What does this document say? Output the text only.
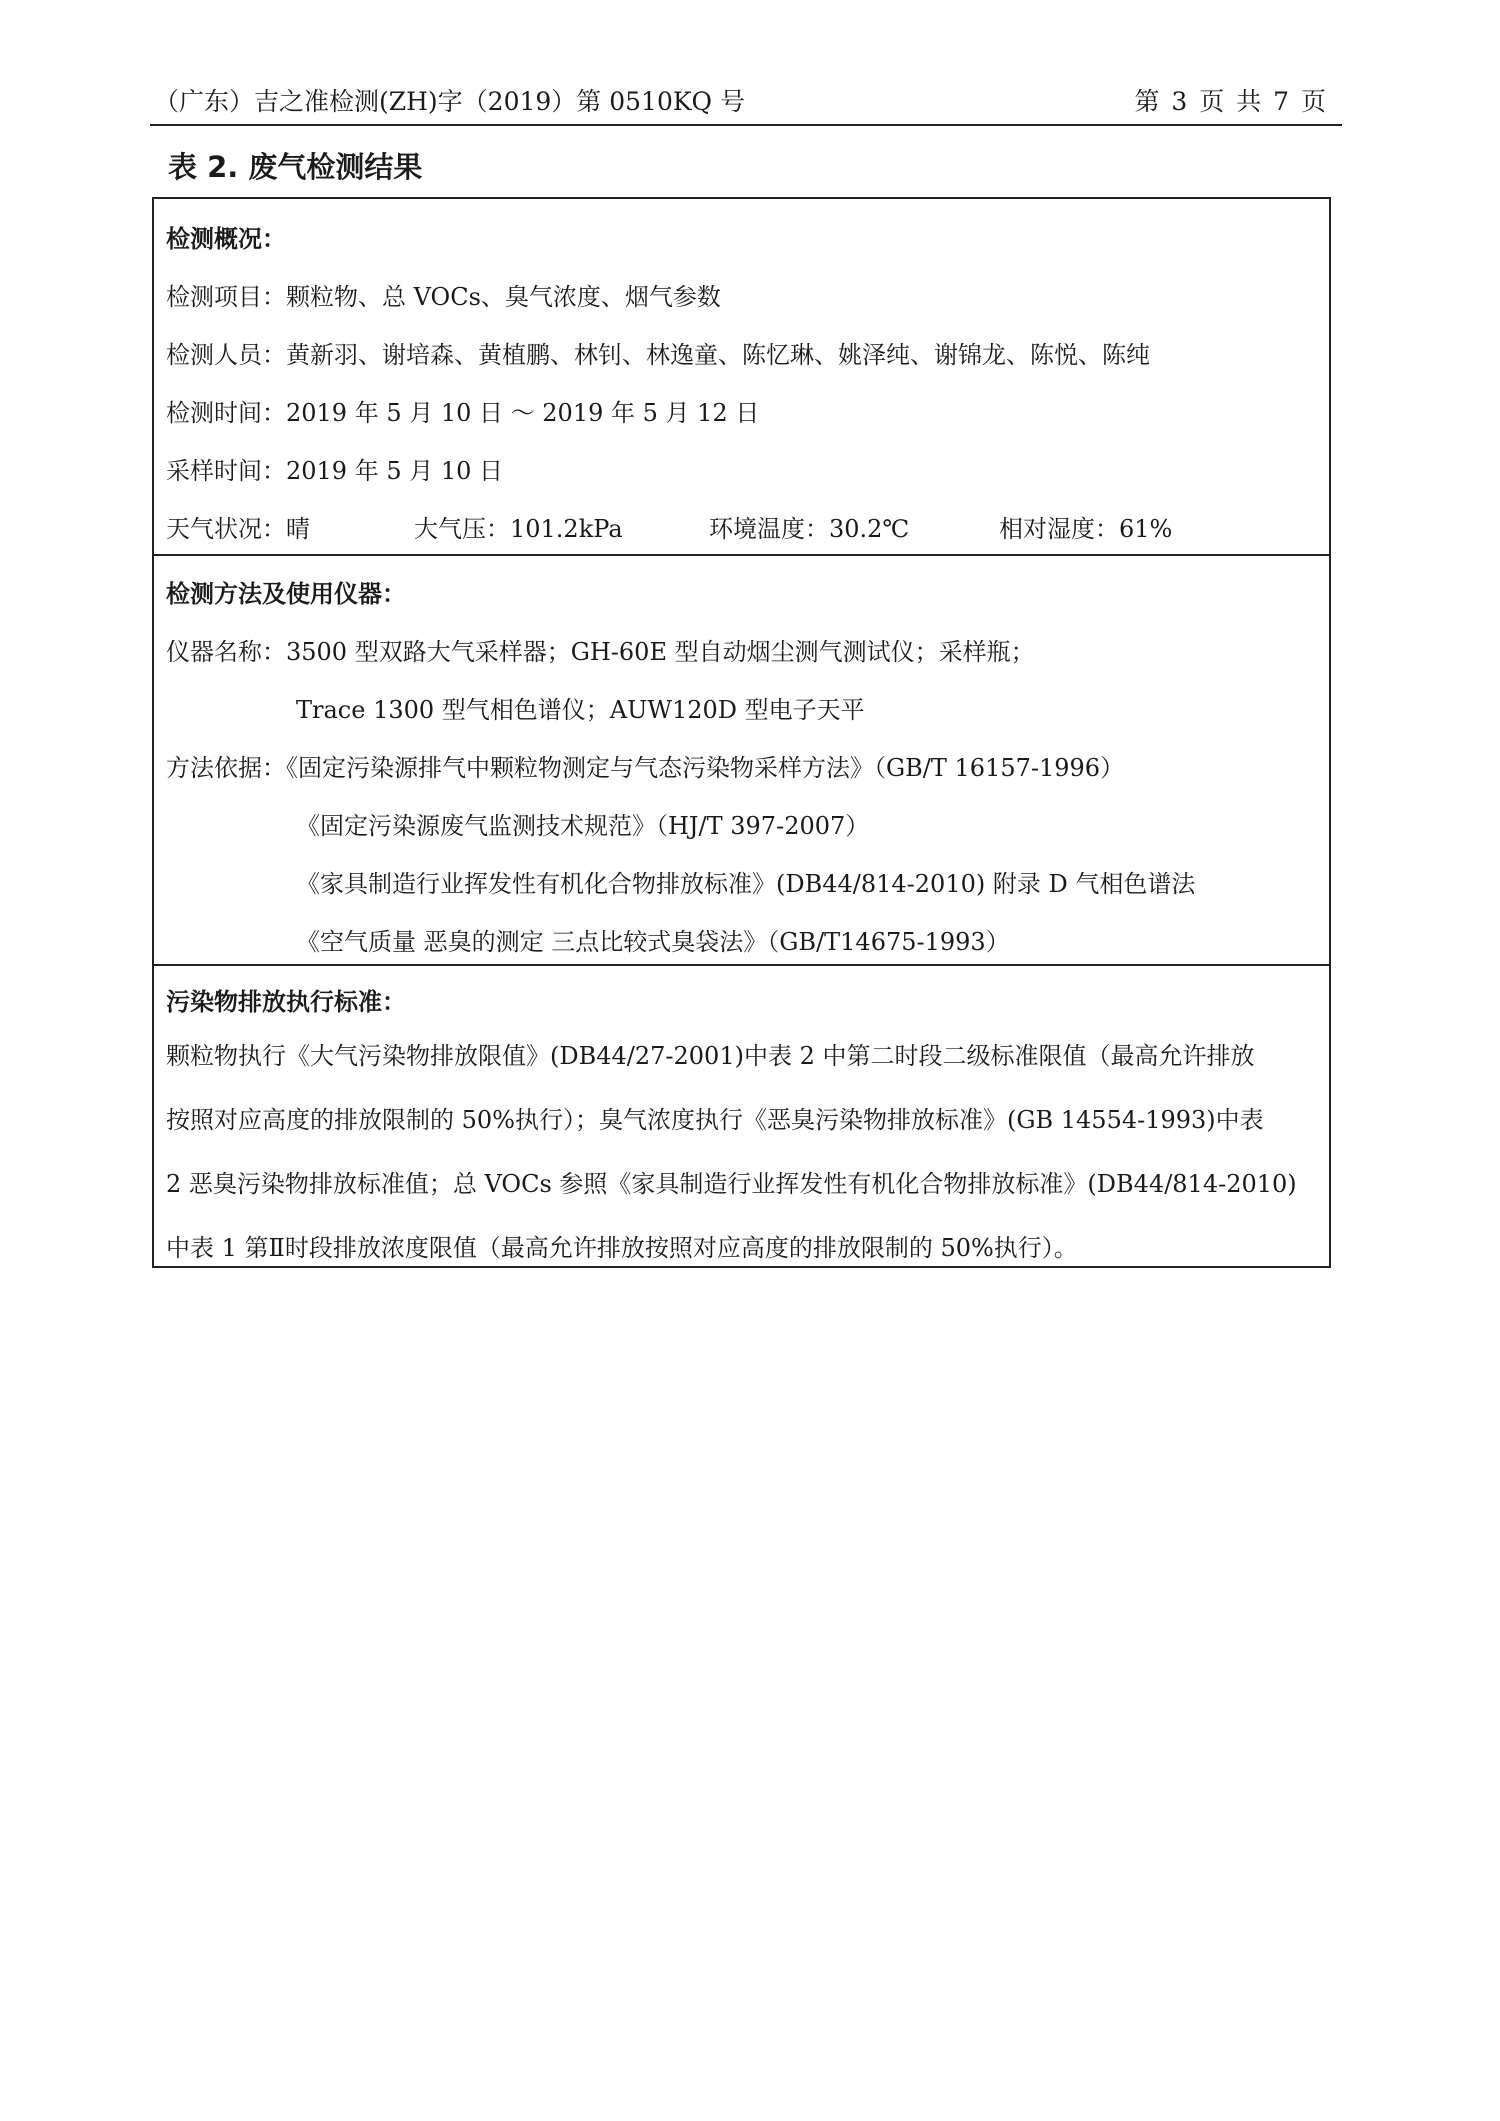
（广东）吉之准检测(ZH)字（2019）第 0510KQ 号	第 3 页 共 7 页
表 2. 废气检测结果
检测概况：
检测项目：颗粒物、总 VOCs、臭气浓度、烟气参数
检测人员：黄新羽、谢培森、黄植鹏、林钊、林逸童、陈忆琳、姚泽纯、谢锦龙、陈悦、陈纯
检测时间：2019 年 5 月 10 日 ～ 2019 年 5 月 12 日
采样时间：2019 年 5 月 10 日
天气状况：晴	大气压：101.2kPa	环境温度：30.2℃	相对湿度：61%
检测方法及使用仪器：
仪器名称：3500 型双路大气采样器；GH-60E 型自动烟尘测气测试仪；采样瓶；
Trace 1300 型气相色谱仪；AUW120D 型电子天平
方法依据：《固定污染源排气中颗粒物测定与气态污染物采样方法》（GB/T 16157-1996）
《固定污染源废气监测技术规范》（HJ/T 397-2007）
《家具制造行业挥发性有机化合物排放标准》(DB44/814-2010) 附录 D 气相色谱法
《空气质量 恶臭的测定 三点比较式臭袋法》（GB/T14675-1993）
污染物排放执行标准：
颗粒物执行《大气污染物排放限值》(DB44/27-2001)中表 2 中第二时段二级标准限值（最高允许排放
按照对应高度的排放限制的 50%执行）；臭气浓度执行《恶臭污染物排放标准》(GB 14554-1993)中表
2 恶臭污染物排放标准值；总 VOCs 参照《家具制造行业挥发性有机化合物排放标准》(DB44/814-2010)
中表 1 第Ⅱ时段排放浓度限值（最高允许排放按照对应高度的排放限制的 50%执行）。
